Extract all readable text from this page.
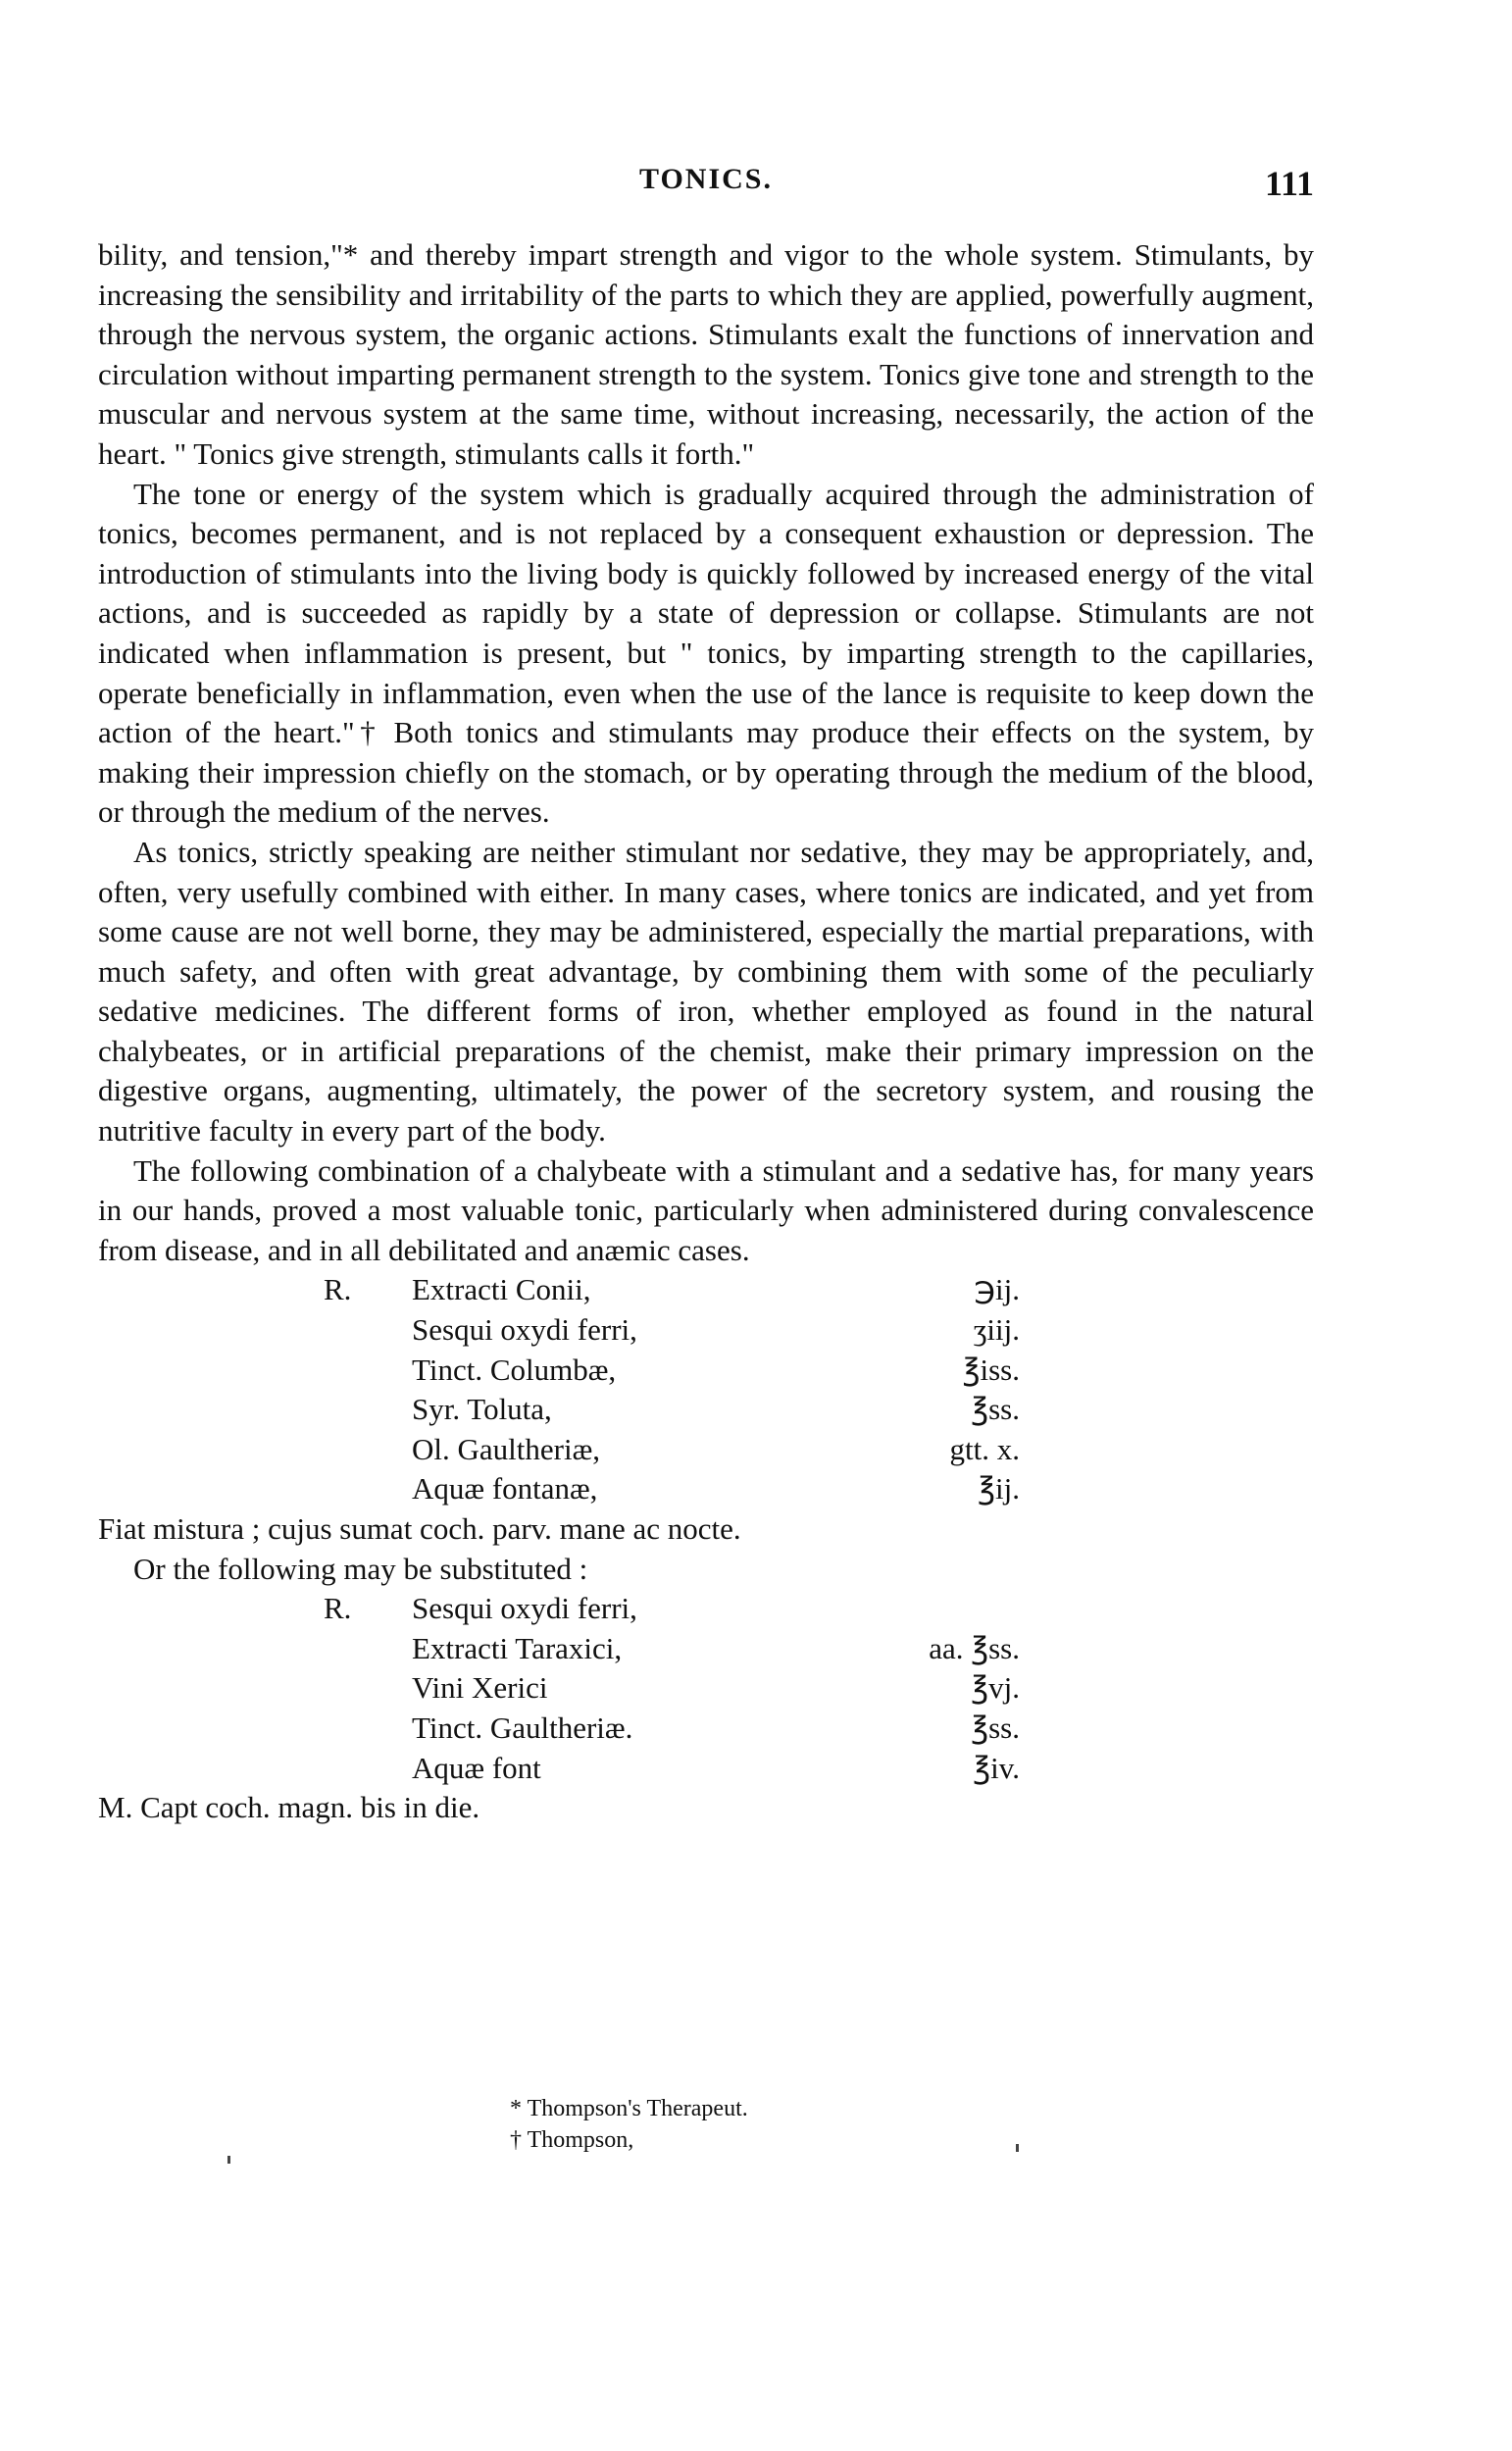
TONICS.	111

bility, and tension,"* and thereby impart strength and vigor to the whole system. Stimulants, by increasing the sensibility and irritability of the parts to which they are applied, powerfully augment, through the nervous system, the organic actions. Stimulants exalt the functions of innervation and circulation without imparting permanent strength to the system. Tonics give tone and strength to the muscular and nervous system at the same time, without increasing, necessarily, the action of the heart. " Tonics give strength, stimulants calls it forth."

The tone or energy of the system which is gradually acquired through the administration of tonics, becomes permanent, and is not replaced by a consequent exhaustion or depression. The introduction of stimulants into the living body is quickly followed by increased energy of the vital actions, and is succeeded as rapidly by a state of depression or collapse. Stimulants are not indicated when inflammation is present, but " tonics, by imparting strength to the capillaries, operate beneficially in inflammation, even when the use of the lance is requisite to keep down the action of the heart."† Both tonics and stimulants may produce their effects on the system, by making their impression chiefly on the stomach, or by operating through the medium of the blood, or through the medium of the nerves.

As tonics, strictly speaking are neither stimulant nor sedative, they may be appropriately, and, often, very usefully combined with either. In many cases, where tonics are indicated, and yet from some cause are not well borne, they may be administered, especially the martial preparations, with much safety, and often with great advantage, by combining them with some of the peculiarly sedative medicines. The different forms of iron, whether employed as found in the natural chalybeates, or in artificial preparations of the chemist, make their primary impression on the digestive organs, augmenting, ultimately, the power of the secretory system, and rousing the nutritive faculty in every part of the body.

The following combination of a chalybeate with a stimulant and a sedative has, for many years in our hands, proved a most valuable tonic, particularly when administered during convalescence from disease, and in all debilitated and anæmic cases.

R.	Extracti Conii,	℈ij.
Sesqui oxydi ferri,	ʒiij.
Tinct. Columbæ,	℥iss.
Syr. Toluta,	℥ss.
Ol. Gaultheriæ,	gtt. x.
Aquæ fontanæ,	℥ij.

Fiat mistura ; cujus sumat coch. parv. mane ac nocte.

Or the following may be substituted :

R.	Sesqui oxydi ferri,
Extracti Taraxici,	aa. ℥ss.
Vini Xerici	℥vj.
Tinct. Gaultheriæ.	℥ss.
Aquæ font	℥iv.

M. Capt coch. magn. bis in die.

* Thompson's Therapeut.
† Thompson,
